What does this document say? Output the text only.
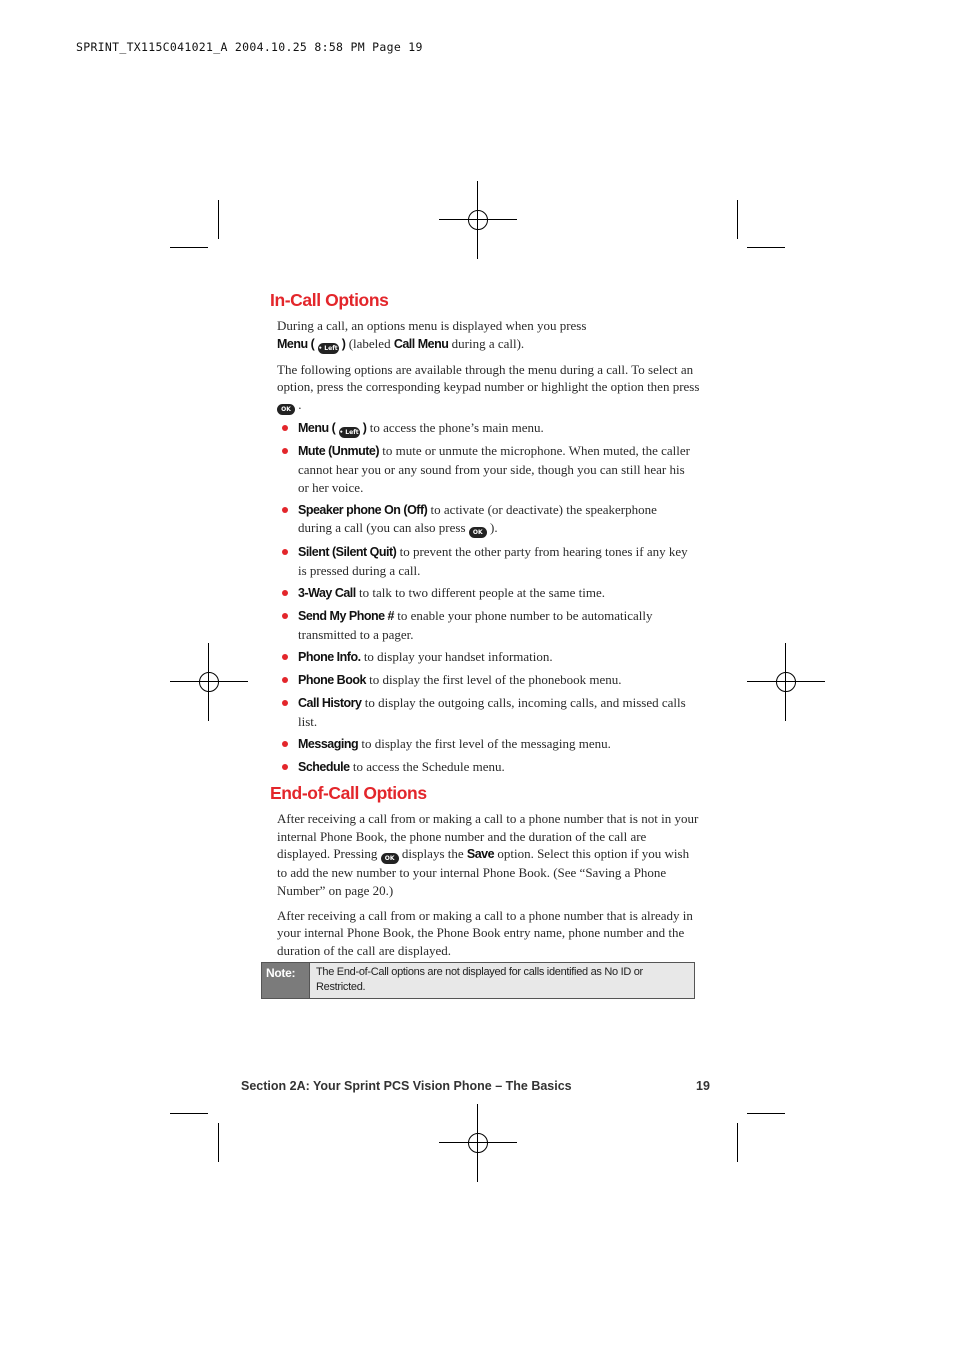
SPRINT_TX115C041021_A 2004.10.25 8:58 PM Page 19
In-Call Options

During a call, an options menu is displayed when you press
Menu ( • Left ) (labeled Call Menu during a call).

The following options are available through the menu during a call. To select an option, press the corresponding keypad number or highlight the option then press OK .

Menu ( • Left ) to access the phone’s main menu.
Mute (Unmute) to mute or unmute the microphone. When muted, the caller cannot hear you or any sound from your side, though you can still hear his or her voice.
Speaker phone On (Off) to activate (or deactivate) the speakerphone during a call (you can also press OK ).
Silent (Silent Quit) to prevent the other party from hearing tones if any key is pressed during a call.
3-Way Call to talk to two different people at the same time.
Send My Phone # to enable your phone number to be automatically transmitted to a pager.
Phone Info. to display your handset information.
Phone Book to display the first level of the phonebook menu.
Call History to display the outgoing calls, incoming calls, and missed calls list.
Messaging to display the first level of the messaging menu.
Schedule to access the Schedule menu.
End-of-Call Options

After receiving a call from or making a call to a phone number that is not in your internal Phone Book, the phone number and the duration of the call are displayed. Pressing OK displays the Save option. Select this option if you wish to add the new number to your internal Phone Book. (See “Saving a Phone Number” on page 20.)

After receiving a call from or making a call to a phone number that is already in your internal Phone Book, the Phone Book entry name, phone number and the duration of the call are displayed.

Note:	The End-of-Call options are not displayed for calls identified as No ID or Restricted.
Section 2A: Your Sprint PCS Vision Phone – The Basics	19
